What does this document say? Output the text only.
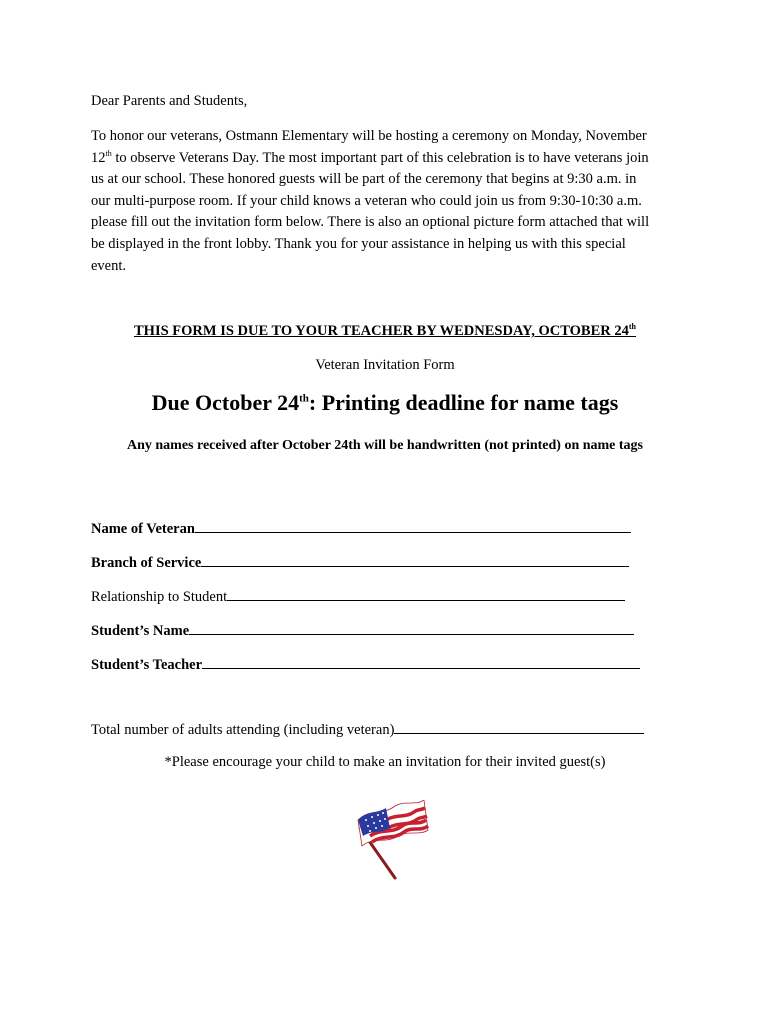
Dear Parents and Students,
To honor our veterans, Ostmann Elementary will be hosting a ceremony on Monday, November
12th to observe Veterans Day. The most important part of this celebration is to have veterans join
us at our school. These honored guests will be part of the ceremony that begins at 9:30 a.m. in
our multi-purpose room. If your child knows a veteran who could join us from 9:30-10:30 a.m.
please fill out the invitation form below. There is also an optional picture form attached that will
be displayed in the front lobby. Thank you for your assistance in helping us with this special
event.
THIS FORM IS DUE TO YOUR TEACHER BY WEDNESDAY, OCTOBER 24th
Veteran Invitation Form
Due October 24th: Printing deadline for name tags
Any names received after October 24th will be handwritten (not printed) on name tags
Name of Veteran
Branch of Service
Relationship to Student
Student’s Name
Student’s Teacher
Total number of adults attending (including veteran)
*Please encourage your child to make an invitation for their invited guest(s)
